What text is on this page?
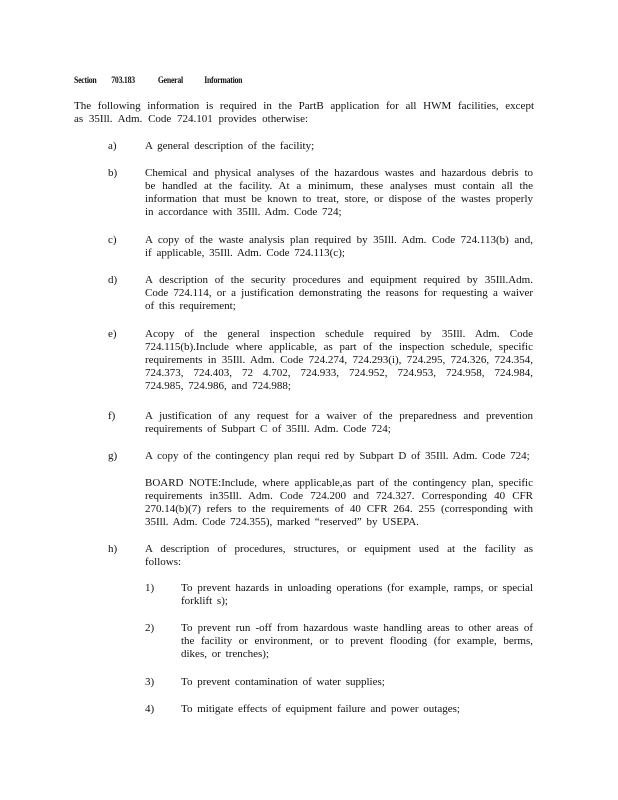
Section 703.183 General Information
The following information is required in the PartB application for all HWM facilities, except as 35Ill. Adm. Code 724.101 provides otherwise:
a)	A general description of the facility;
b)	Chemical and physical analyses of the hazardous wastes and hazardous debris to be handled at the facility. At a minimum, these analyses must contain all the information that must be known to treat, store, or dispose of the wastes properly in accordance with 35Ill. Adm. Code 724;
c)	A copy of the waste analysis plan required by 35Ill. Adm. Code 724.113(b) and, if applicable, 35Ill. Adm. Code 724.113(c);
d)	A description of the security procedures and equipment required by 35Ill.Adm. Code 724.114, or a justification demonstrating the reasons for requesting a waiver of this requirement;
e)	Acopy of the general inspection schedule required by 35Ill. Adm. Code 724.115(b).Include where applicable, as part of the inspection schedule, specific requirements in 35Ill. Adm. Code 724.274, 724.293(i), 724.295, 724.326, 724.354, 724.373, 724.403, 72 4.702, 724.933, 724.952, 724.953, 724.958, 724.984, 724.985, 724.986, and 724.988;
f)	A justification of any request for a waiver of the preparedness and prevention requirements of Subpart C of 35Ill. Adm. Code 724;
g)	A copy of the contingency plan requi red by Subpart D of 35Ill. Adm. Code 724;
BOARD NOTE:Include, where applicable,as part of the contingency plan, specific requirements in35Ill. Adm. Code 724.200 and 724.327. Corresponding 40 CFR 270.14(b)(7) refers to the requirements of 40 CFR 264. 255 (corresponding with 35Ill. Adm. Code 724.355), marked “reserved” by USEPA.
h)	A description of procedures, structures, or equipment used at the facility as follows:
1) To prevent hazards in unloading operations (for example, ramps, or special forklift s);
2) To prevent run -off from hazardous waste handling areas to other areas of the facility or environment, or to prevent flooding (for example, berms, dikes, or trenches);
3) To prevent contamination of water supplies;
4) To mitigate effects of equipment failure and power outages;
